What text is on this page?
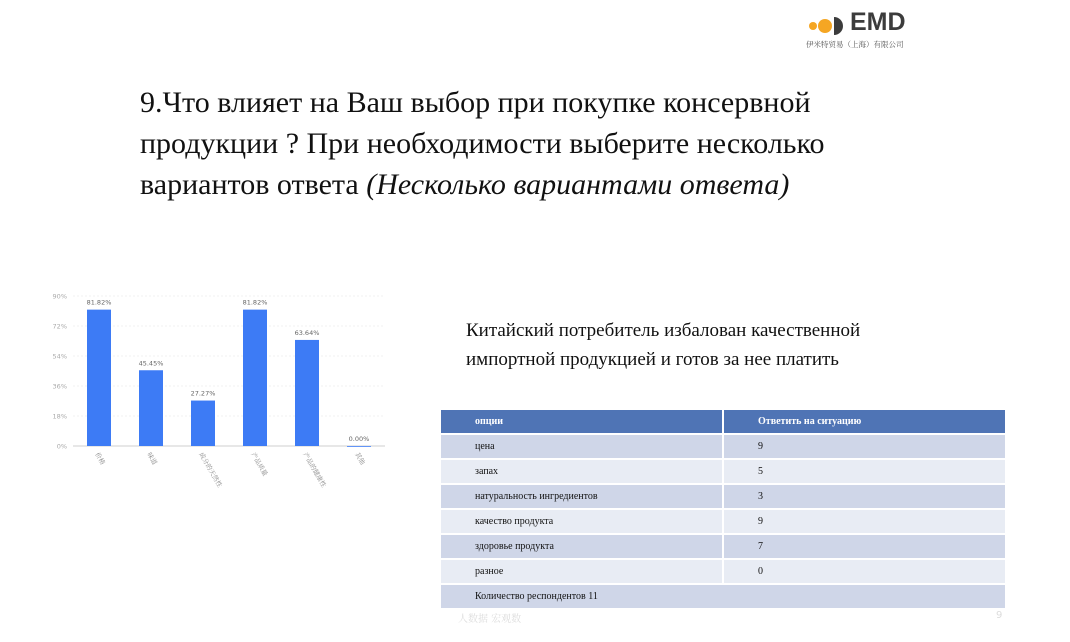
EMD
伊米特贸易（上海）有限公司
9.Что влияет на Ваш выбор при покупке консервной продукции ? При необходимости выберите несколько вариантов ответа (Несколько вариантами ответа)
0%
18%
36%
54%
72%
90%
81.82%
价格
45.45%
味道
27.27%
成分的天然性
81.82%
产品质量
63.64%
产品的健康性
0.00%
其他
Китайский потребитель избалован качественной импортной продукцией и готов за нее платить
опции	Ответить на ситуацию
цена	9
запах	5
натуральность ингредиентов	3
качество продукта	9
здоровье продукта	7
разное	0
Количество респондентов 11	
人数据 宏观数	9
